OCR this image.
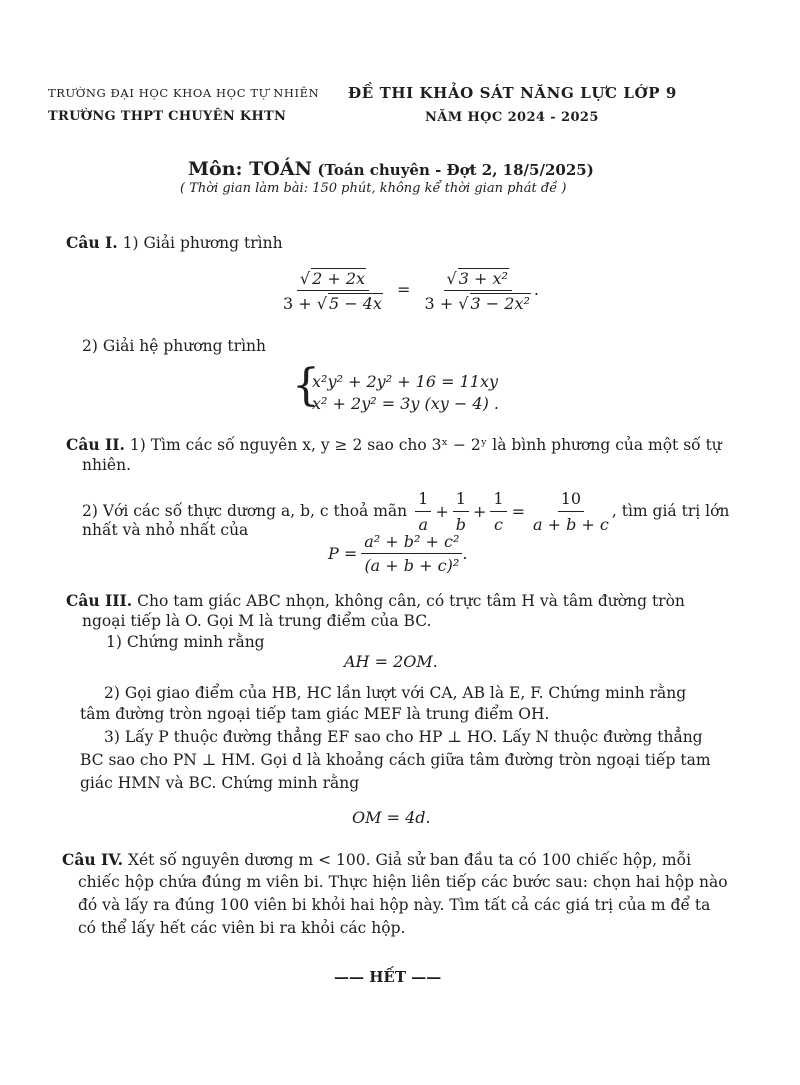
TRƯỜNG ĐẠI HỌC KHOA HỌC TỰ NHIÊN
TRƯỜNG THPT CHUYÊN KHTN
ĐỀ THI KHẢO SÁT NĂNG LỰC LỚP 9
NĂM HỌC 2024 - 2025
Môn: TOÁN (Toán chuyên - Đợt 2, 18/5/2025)
( Thời gian làm bài: 150 phút, không kể thời gian phát đề )
Câu I. 1) Giải phương trình
$\frac{√ 2 + 2x}{3 + √ 5 - 4x} = \frac{\text{√ 3 + x²}}{\text{3 + √ 3 − 2x²}}$ .
2) Giải hệ phương trình
{
x²y² + 2y² + 16 = 11xy
x² + 2y² = 3y (xy − 4) .
Câu II. 1) Tìm các số nguyên x, y ≥ 2 sao cho 3ˣ − 2ʸ là bình phương của một số tự
nhiên.
2) Với các số thực dương a, b, c thoả mãn $\frac{1}{a} + \frac{1}{b} + \frac{1}{c} = \frac{10}{a + b + c}$ , tìm giá trị lớn
nhất và nhỏ nhất của
$P = \frac{\text{a² + b² + c²}}{\text{(a + b + c)²}}$ .
Câu III. Cho tam giác ABC nhọn, không cân, có trực tâm H và tâm đường tròn
ngoại tiếp là O. Gọi M là trung điểm của BC.
1) Chứng minh rằng
AH = 2OM.
2) Gọi giao điểm của HB, HC lần lượt với CA, AB là E, F. Chứng minh rằng
tâm đường tròn ngoại tiếp tam giác MEF là trung điểm OH.
3) Lấy P thuộc đường thẳng EF sao cho HP ⊥ HO. Lấy N thuộc đường thẳng
BC sao cho PN ⊥ HM. Gọi d là khoảng cách giữa tâm đường tròn ngoại tiếp tam
giác HMN và BC. Chứng minh rằng
OM = 4d.
Câu IV. Xét số nguyên dương m < 100. Giả sử ban đầu ta có 100 chiếc hộp, mỗi
chiếc hộp chứa đúng m viên bi. Thực hiện liên tiếp các bước sau: chọn hai hộp nào
đó và lấy ra đúng 100 viên bi khỏi hai hộp này. Tìm tất cả các giá trị của m để ta
có thể lấy hết các viên bi ra khỏi các hộp.
—— HẾT ——
